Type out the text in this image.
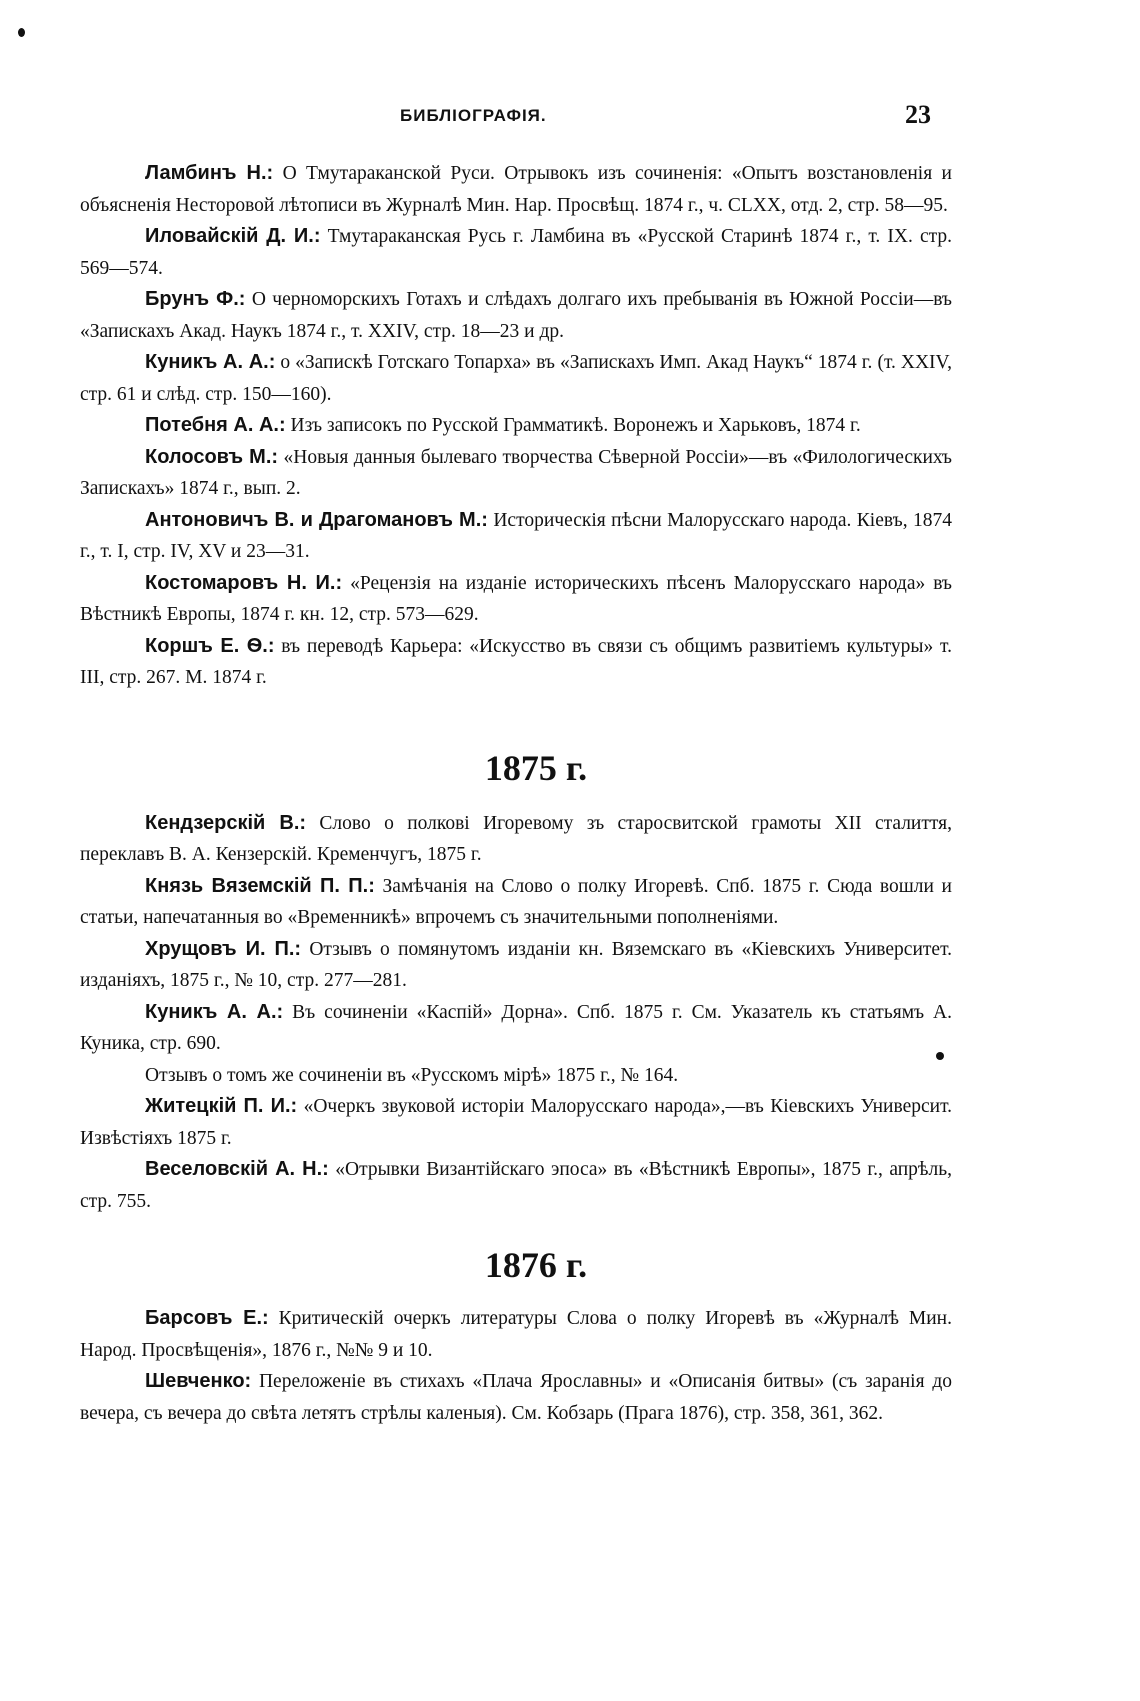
БИБЛІОГРАФІЯ.	23

Ламбинъ Н.: О Тмутараканской Руси. Отрывокъ изъ сочиненія: «Опытъ возстановленія и объясненія Несторовой лѣтописи въ Журналѣ Мин. Нар. Просвѣщ. 1874 г., ч. CLXX, отд. 2, стр. 58—95.

Иловайскій Д. И.: Тмутараканская Русь г. Ламбина въ «Русской Старинѣ 1874 г., т. IX. стр. 569—574.

Брунъ Ф.: О черноморскихъ Готахъ и слѣдахъ долгаго ихъ пребыванія въ Южной Россіи—въ «Запискахъ Акад. Наукъ 1874 г., т. XXIV, стр. 18—23 и др.

Куникъ А. А.: о «Запискѣ Готскаго Топарха» въ «Запискахъ Имп. Акад Наукъ“ 1874 г. (т. XXIV, стр. 61 и слѣд. стр. 150—160).

Потебня А. А.: Изъ записокъ по Русской Грамматикѣ. Воронежъ и Харьковъ, 1874 г.

Колосовъ М.: «Новыя данныя былеваго творчества Сѣверной Россіи»—въ «Филологическихъ Запискахъ» 1874 г., вып. 2.

Антоновичъ В. и Драгомановъ М.: Историческія пѣсни Малорусскаго народа. Кіевъ, 1874 г., т. I, стр. IV, XV и 23—31.

Костомаровъ Н. И.: «Рецензія на изданіе историческихъ пѣсенъ Малорусскаго народа» въ Вѣстникѣ Европы, 1874 г. кн. 12, стр. 573—629.

Коршъ Е. Ѳ.: въ переводѣ Карьера: «Искусство въ связи съ общимъ развитіемъ культуры» т. III, стр. 267. М. 1874 г.

1875 г.

Кендзерскій В.: Слово о полкові Игоревому зъ старосвитской грамоты XII сталиття, переклавъ В. А. Кензерскій. Кременчугъ, 1875 г.

Князь Вяземскій П. П.: Замѣчанія на Слово о полку Игоревѣ. Спб. 1875 г. Сюда вошли и статьи, напечатанныя во «Временникѣ» впрочемъ съ значительными пополненіями.

Хрущовъ И. П.: Отзывъ о помянутомъ изданіи кн. Вяземскаго въ «Кіевскихъ Университет. изданіяхъ, 1875 г., № 10, стр. 277—281.

Куникъ А. А.: Въ сочиненіи «Каспій» Дорна». Спб. 1875 г. См. Указатель къ статьямъ А. Куника, стр. 690.

Отзывъ о томъ же сочиненіи въ «Русскомъ мірѣ» 1875 г., № 164.

Житецкій П. И.: «Очеркъ звуковой исторіи Малорусскаго народа»,—въ Кіевскихъ Университ. Извѣстіяхъ 1875 г.

Веселовскій А. Н.: «Отрывки Византійскаго эпоса» въ «Вѣстникѣ Европы», 1875 г., апрѣль, стр. 755.

1876 г.

Барсовъ Е.: Критическій очеркъ литературы Слова о полку Игоревѣ въ «Журналѣ Мин. Народ. Просвѣщенія», 1876 г., №№ 9 и 10.

Шевченко: Переложеніе въ стихахъ «Плача Ярославны» и «Описанія битвы» (съ заранія до вечера, съ вечера до свѣта летятъ стрѣлы каленыя). См. Кобзарь (Прага 1876), стр. 358, 361, 362.
